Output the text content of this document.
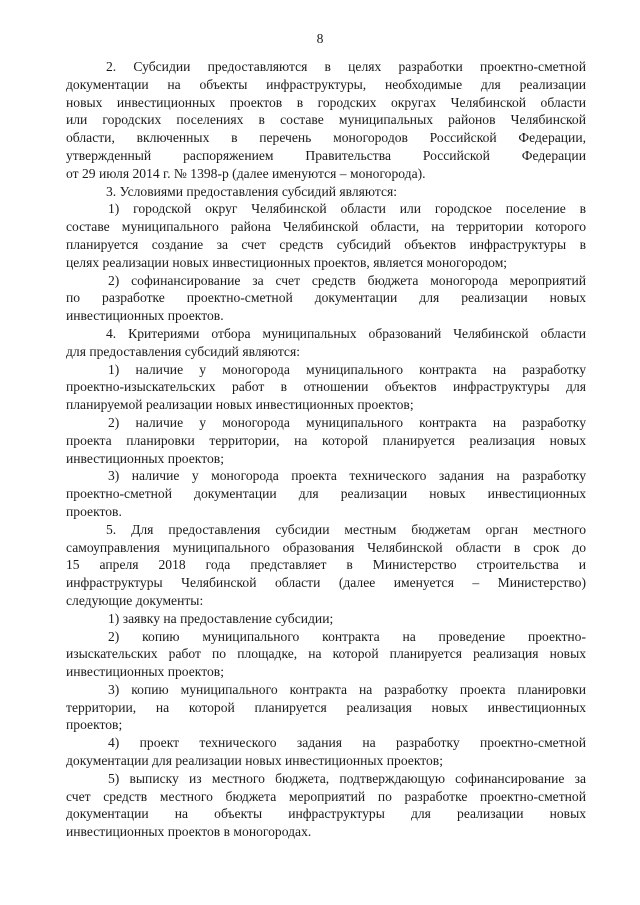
8
2. Субсидии предоставляются в целях разработки проектно-сметной
документации на объекты инфраструктуры, необходимые для реализации
новых инвестиционных проектов в городских округах Челябинской области
или городских поселениях в составе муниципальных районов Челябинской
области, включенных в перечень моногородов Российской Федерации,
утвержденный распоряжением Правительства Российской Федерации
от 29 июля 2014 г. № 1398-р (далее именуются – моногорода).
3. Условиями предоставления субсидий являются:
1) городской округ Челябинской области или городское поселение в
составе муниципального района Челябинской области, на территории которого
планируется создание за счет средств субсидий объектов инфраструктуры в
целях реализации новых инвестиционных проектов, является моногородом;
2) софинансирование за счет средств бюджета моногорода мероприятий
по разработке проектно-сметной документации для реализации новых
инвестиционных проектов.
4. Критериями отбора муниципальных образований Челябинской области
для предоставления субсидий являются:
1) наличие у моногорода муниципального контракта на разработку
проектно-изыскательских работ в отношении объектов инфраструктуры для
планируемой реализации новых инвестиционных проектов;
2) наличие у моногорода муниципального контракта на разработку
проекта планировки территории, на которой планируется реализация новых
инвестиционных проектов;
3) наличие у моногорода проекта технического задания на разработку
проектно-сметной документации для реализации новых инвестиционных
проектов.
5. Для предоставления субсидии местным бюджетам орган местного
самоуправления муниципального образования Челябинской области в срок до
15 апреля 2018 года представляет в Министерство строительства и
инфраструктуры Челябинской области (далее именуется – Министерство)
следующие документы:
1) заявку на предоставление субсидии;
2) копию муниципального контракта на проведение проектно-
изыскательских работ по площадке, на которой планируется реализация новых
инвестиционных проектов;
3) копию муниципального контракта на разработку проекта планировки
территории, на которой планируется реализация новых инвестиционных
проектов;
4) проект технического задания на разработку проектно-сметной
документации для реализации новых инвестиционных проектов;
5) выписку из местного бюджета, подтверждающую софинансирование за
счет средств местного бюджета мероприятий по разработке проектно-сметной
документации на объекты инфраструктуры для реализации новых
инвестиционных проектов в моногородах.
